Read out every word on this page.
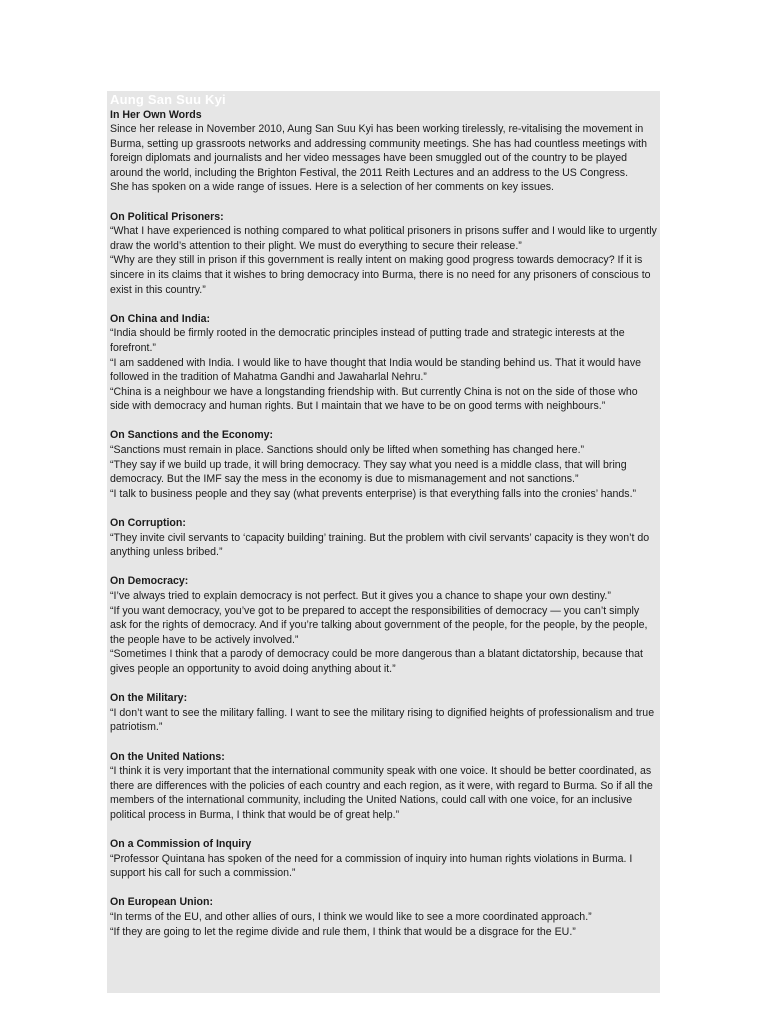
Aung San Suu Kyi
In Her Own Words

Since her release in November 2010, Aung San Suu Kyi has been working tirelessly, re-vitalising the movement in Burma, setting up grassroots networks and addressing community meetings. She has had countless meetings with foreign diplomats and journalists and her video messages have been smuggled out of the country to be played around the world, including the Brighton Festival, the 2011 Reith Lectures and an address to the US Congress.

She has spoken on a wide range of issues. Here is a selection of her comments on key issues.

On Political Prisoners:

“What I have experienced is nothing compared to what political prisoners in prisons suffer and I would like to urgently draw the world’s attention to their plight. We must do everything to secure their release.”

“Why are they still in prison if this government is really intent on making good progress towards democracy? If it is sincere in its claims that it wishes to bring democracy into Burma, there is no need for any prisoners of conscious to exist in this country.”

On China and India:

“India should be firmly rooted in the democratic principles instead of putting trade and strategic interests at the forefront.”

“I am saddened with India. I would like to have thought that India would be standing behind us. That it would have followed in the tradition of Mahatma Gandhi and Jawaharlal Nehru.”

“China is a neighbour we have a longstanding friendship with. But currently China is not on the side of those who side with democracy and human rights. But I maintain that we have to be on good terms with neighbours.”

On Sanctions and the Economy:

“Sanctions must remain in place. Sanctions should only be lifted when something has changed here.”

“They say if we build up trade, it will bring democracy. They say what you need is a middle class, that will bring democracy. But the IMF say the mess in the economy is due to mismanagement and not sanctions.”

“I talk to business people and they say (what prevents enterprise) is that everything falls into the cronies’ hands.”

On Corruption:

“They invite civil servants to ‘capacity building’ training. But the problem with civil servants’ capacity is they won’t do anything unless bribed.”

On Democracy:

“I’ve always tried to explain democracy is not perfect. But it gives you a chance to shape your own destiny.”

“If you want democracy, you’ve got to be prepared to accept the responsibilities of democracy — you can’t simply ask for the rights of democracy. And if you’re talking about government of the people, for the people, by the people, the people have to be actively involved.”

“Sometimes I think that a parody of democracy could be more dangerous than a blatant dictatorship, because that gives people an opportunity to avoid doing anything about it.”

On the Military:

“I don’t want to see the military falling. I want to see the military rising to dignified heights of professionalism and true patriotism.”

On the United Nations:

“I think it is very important that the international community speak with one voice. It should be better coordinated, as there are differences with the policies of each country and each region, as it were, with regard to Burma. So if all the members of the international community, including the United Nations, could call with one voice, for an inclusive political process in Burma, I think that would be of great help.”

On a Commission of Inquiry

“Professor Quintana has spoken of the need for a commission of inquiry into human rights violations in Burma. I support his call for such a commission.”

On European Union:

“In terms of the EU, and other allies of ours, I think we would like to see a more coordinated approach.”

“If they are going to let the regime divide and rule them, I think that would be a disgrace for the EU.”
